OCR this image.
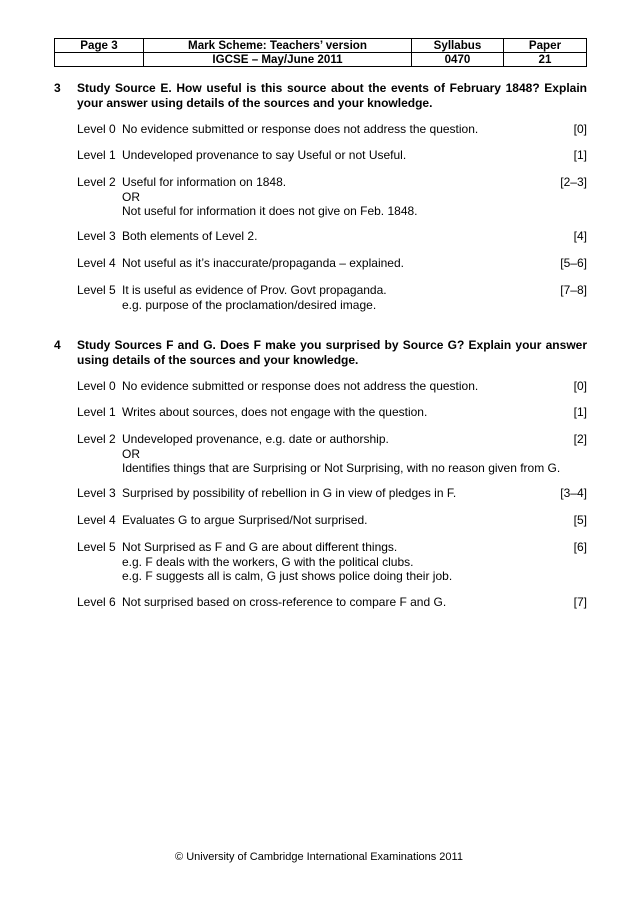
Page 3	Mark Scheme: Teachers’ version	Syllabus	Paper
	IGCSE – May/June 2011	0470	21
3 Study Source E. How useful is this source about the events of February 1848? Explain your answer using details of the sources and your knowledge.
Level 0 No evidence submitted or response does not address the question.	[0]
Level 1 Undeveloped provenance to say Useful or not Useful.	[1]
Level 2 Useful for information on 1848.
OR
Not useful for information it does not give on Feb. 1848.
[2–3]
Level 3 Both elements of Level 2.	[4]
Level 4 Not useful as it’s inaccurate/propaganda – explained.	[5–6]
Level 5 It is useful as evidence of Prov. Govt propaganda.
e.g. purpose of the proclamation/desired image.
[7–8]
4 Study Sources F and G. Does F make you surprised by Source G? Explain your answer using details of the sources and your knowledge.
Level 0 No evidence submitted or response does not address the question.	[0]
Level 1 Writes about sources, does not engage with the question.	[1]
Level 2 Undeveloped provenance, e.g. date or authorship.
OR
Identifies things that are Surprising or Not Surprising, with no reason given from G.
[2]
Level 3 Surprised by possibility of rebellion in G in view of pledges in F.	[3–4]
Level 4 Evaluates G to argue Surprised/Not surprised.	[5]
Level 5 Not Surprised as F and G are about different things.
e.g. F deals with the workers, G with the political clubs.
e.g. F suggests all is calm, G just shows police doing their job.
[6]
Level 6 Not surprised based on cross-reference to compare F and G.	[7]
© University of Cambridge International Examinations 2011
